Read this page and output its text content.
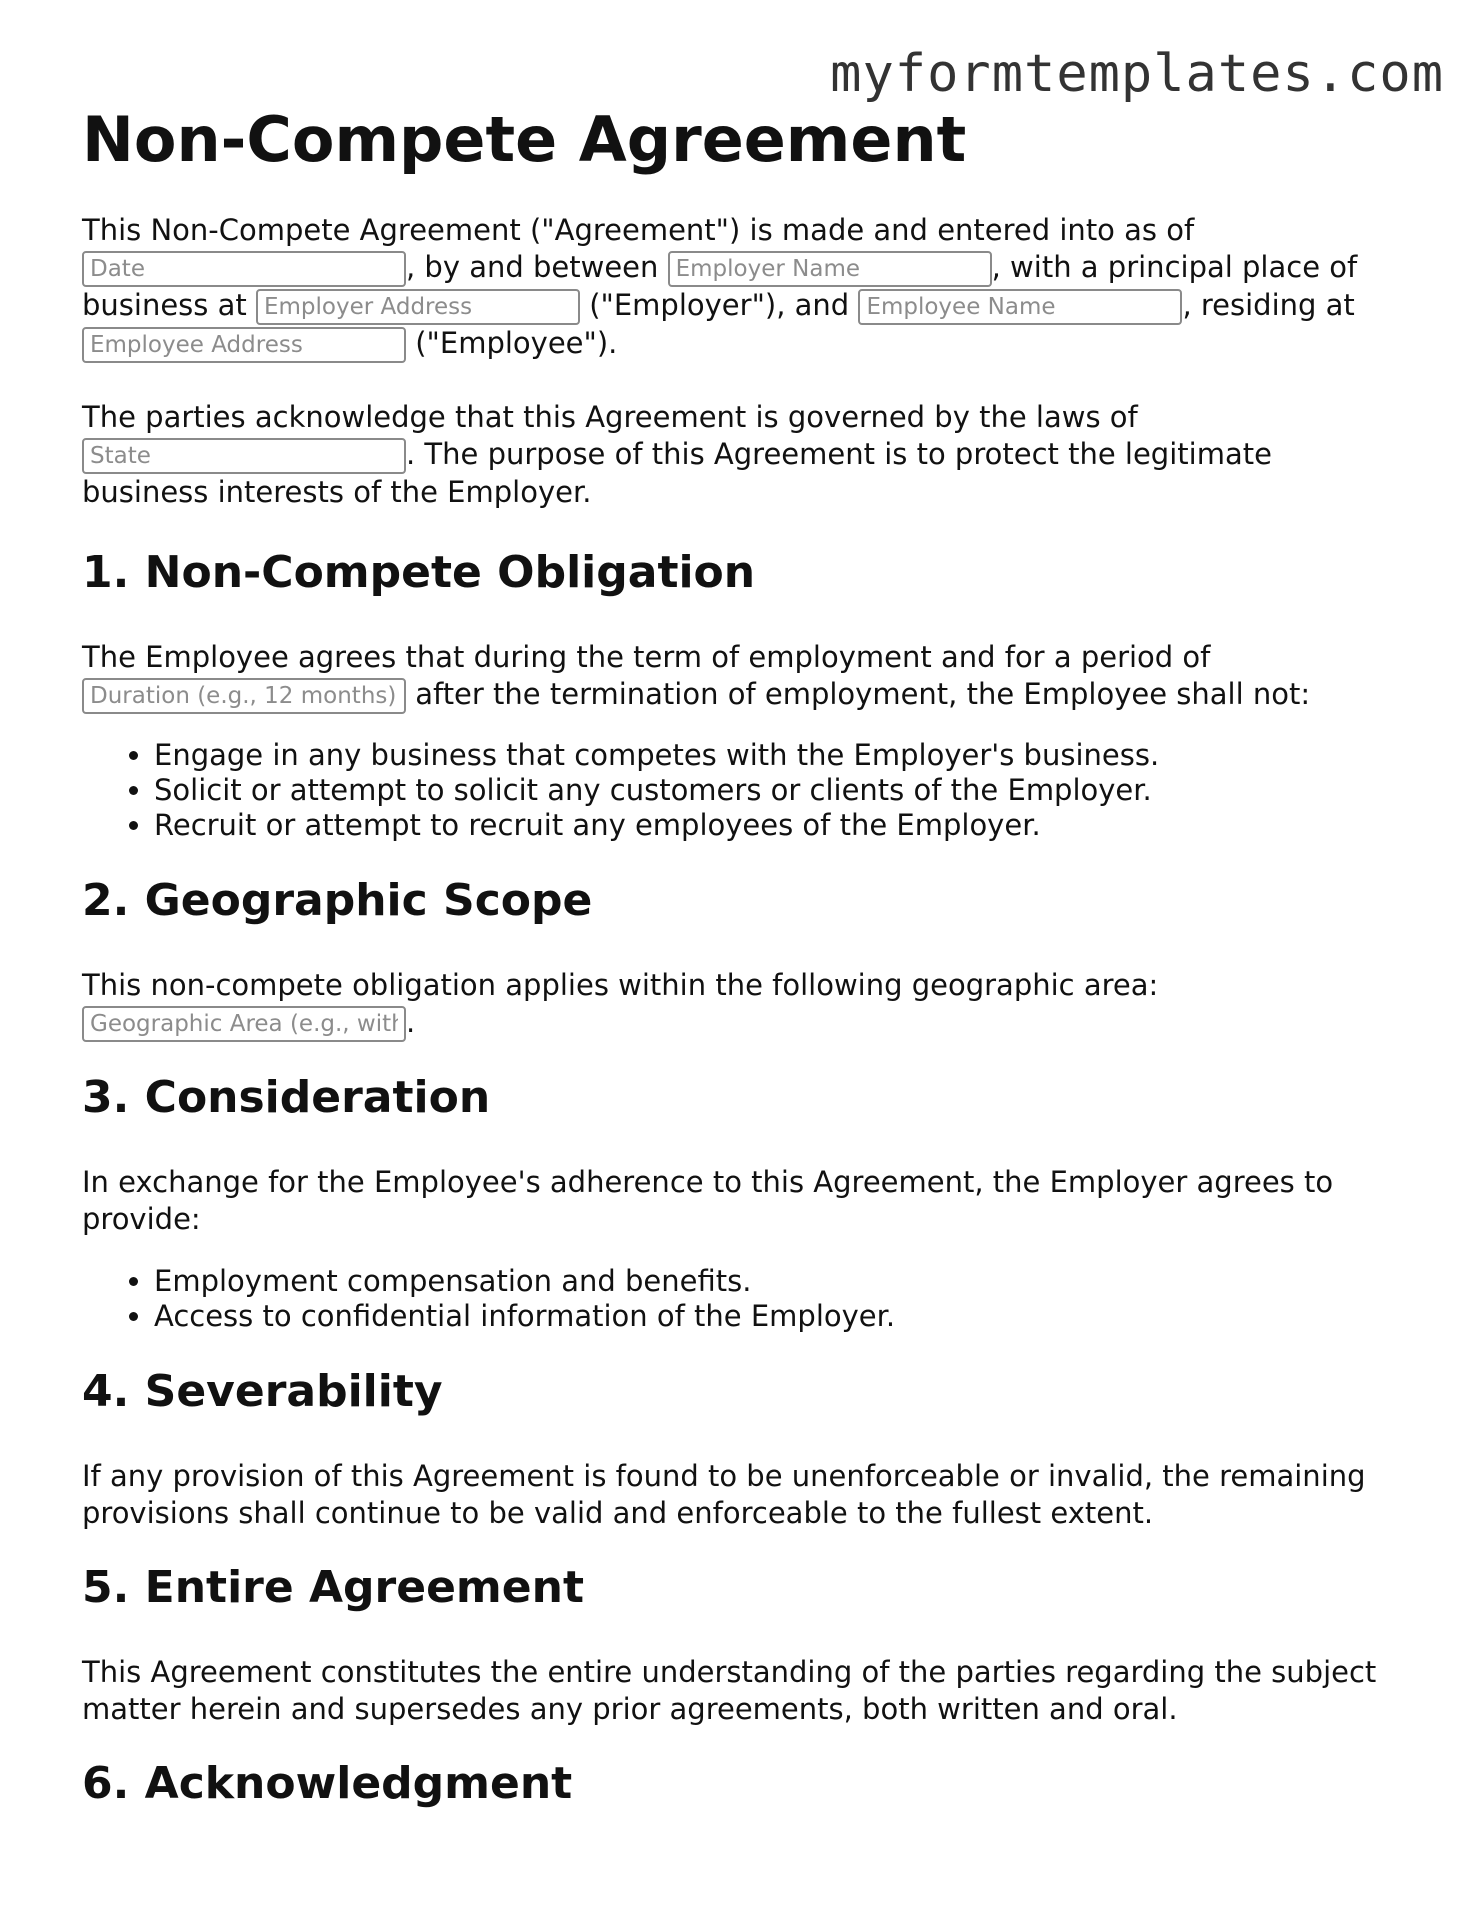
myformtemplates.com
Non-Compete Agreement

This Non-Compete Agreement ("Agreement") is made and entered into as of
Date, by and between Employer Name	, with a principal place of business at Employer Address	("Employer"), and Employee Name	, residing at
Employee Address ("Employee").

The parties acknowledge that this Agreement is governed by the laws of
State. The purpose of this Agreement is to protect the legitimate business interests of the Employer.

1. Non-Compete Obligation

The Employee agrees that during the term of employment and for a period of
Duration (e.g., 12 months) after the termination of employment, the Employee shall not:

• Engage in any business that competes with the Employer's business.
• Solicit or attempt to solicit any customers or clients of the Employer.
• Recruit or attempt to recruit any employees of the Employer.
2. Geographic Scope

This non-compete obligation applies within the following geographic area:
Geographic Area (e.g., within 50 miles).

3. Consideration

In exchange for the Employee's adherence to this Agreement, the Employer agrees to provide:

• Employment compensation and benefits.
• Access to confidential information of the Employer.
4. Severability

If any provision of this Agreement is found to be unenforceable or invalid, the remaining provisions shall continue to be valid and enforceable to the fullest extent.

5. Entire Agreement

This Agreement constitutes the entire understanding of the parties regarding the subject matter herein and supersedes any prior agreements, both written and oral.

6. Acknowledgment
